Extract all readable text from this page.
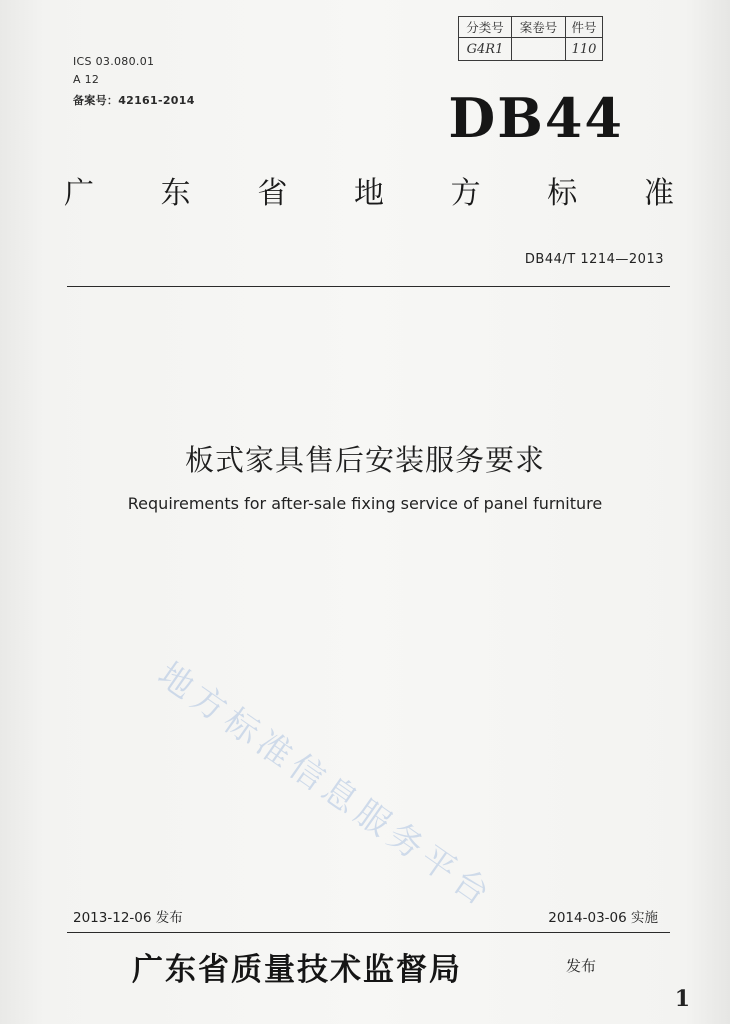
ICS 03.080.01
A 12
备案号：42161-2014
分类号	案卷号	件号
G4R1		110
DB44
广 东 省 地 方 标 准
DB44/T 1214—2013
板式家具售后安装服务要求
Requirements for after-sale fixing service of panel furniture
地方标准信息服务平台
2013-12-06 发布	2014-03-06 实施
广东省质量技术监督局	发布
1
